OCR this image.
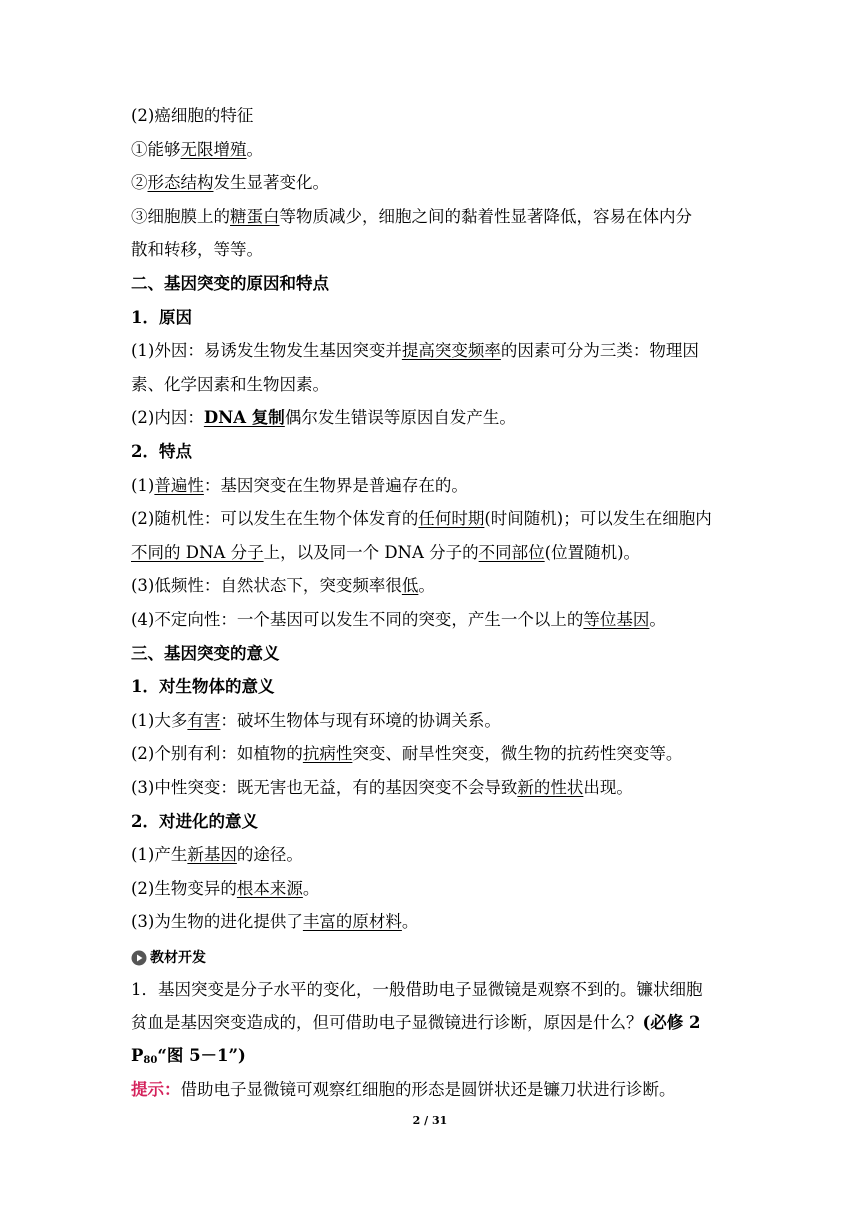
(2)癌细胞的特征
①能够无限增殖。
②形态结构发生显著变化。
③细胞膜上的糖蛋白等物质减少，细胞之间的黏着性显著降低，容易在体内分
散和转移，等等。
二、基因突变的原因和特点
1．原因
(1)外因：易诱发生物发生基因突变并提高突变频率的因素可分为三类：物理因
素、化学因素和生物因素。
(2)内因：DNA 复制偶尔发生错误等原因自发产生。
2．特点
(1)普遍性：基因突变在生物界是普遍存在的。
(2)随机性：可以发生在生物个体发育的任何时期(时间随机)；可以发生在细胞内
不同的 DNA 分子上，以及同一个 DNA 分子的不同部位(位置随机)。
(3)低频性：自然状态下，突变频率很低。
(4)不定向性：一个基因可以发生不同的突变，产生一个以上的等位基因。
三、基因突变的意义
1．对生物体的意义
(1)大多有害：破坏生物体与现有环境的协调关系。
(2)个别有利：如植物的抗病性突变、耐旱性突变，微生物的抗药性突变等。
(3)中性突变：既无害也无益，有的基因突变不会导致新的性状出现。
2．对进化的意义
(1)产生新基因的途径。
(2)生物变异的根本来源。
(3)为生物的进化提供了丰富的原材料。
教材开发
1．基因突变是分子水平的变化，一般借助电子显微镜是观察不到的。镰状细胞
贫血是基因突变造成的，但可借助电子显微镜进行诊断，原因是什么？(必修 2
$P_{80}“$图 5－1”)
提示：借助电子显微镜可观察红细胞的形态是圆饼状还是镰刀状进行诊断。
2 / 31
